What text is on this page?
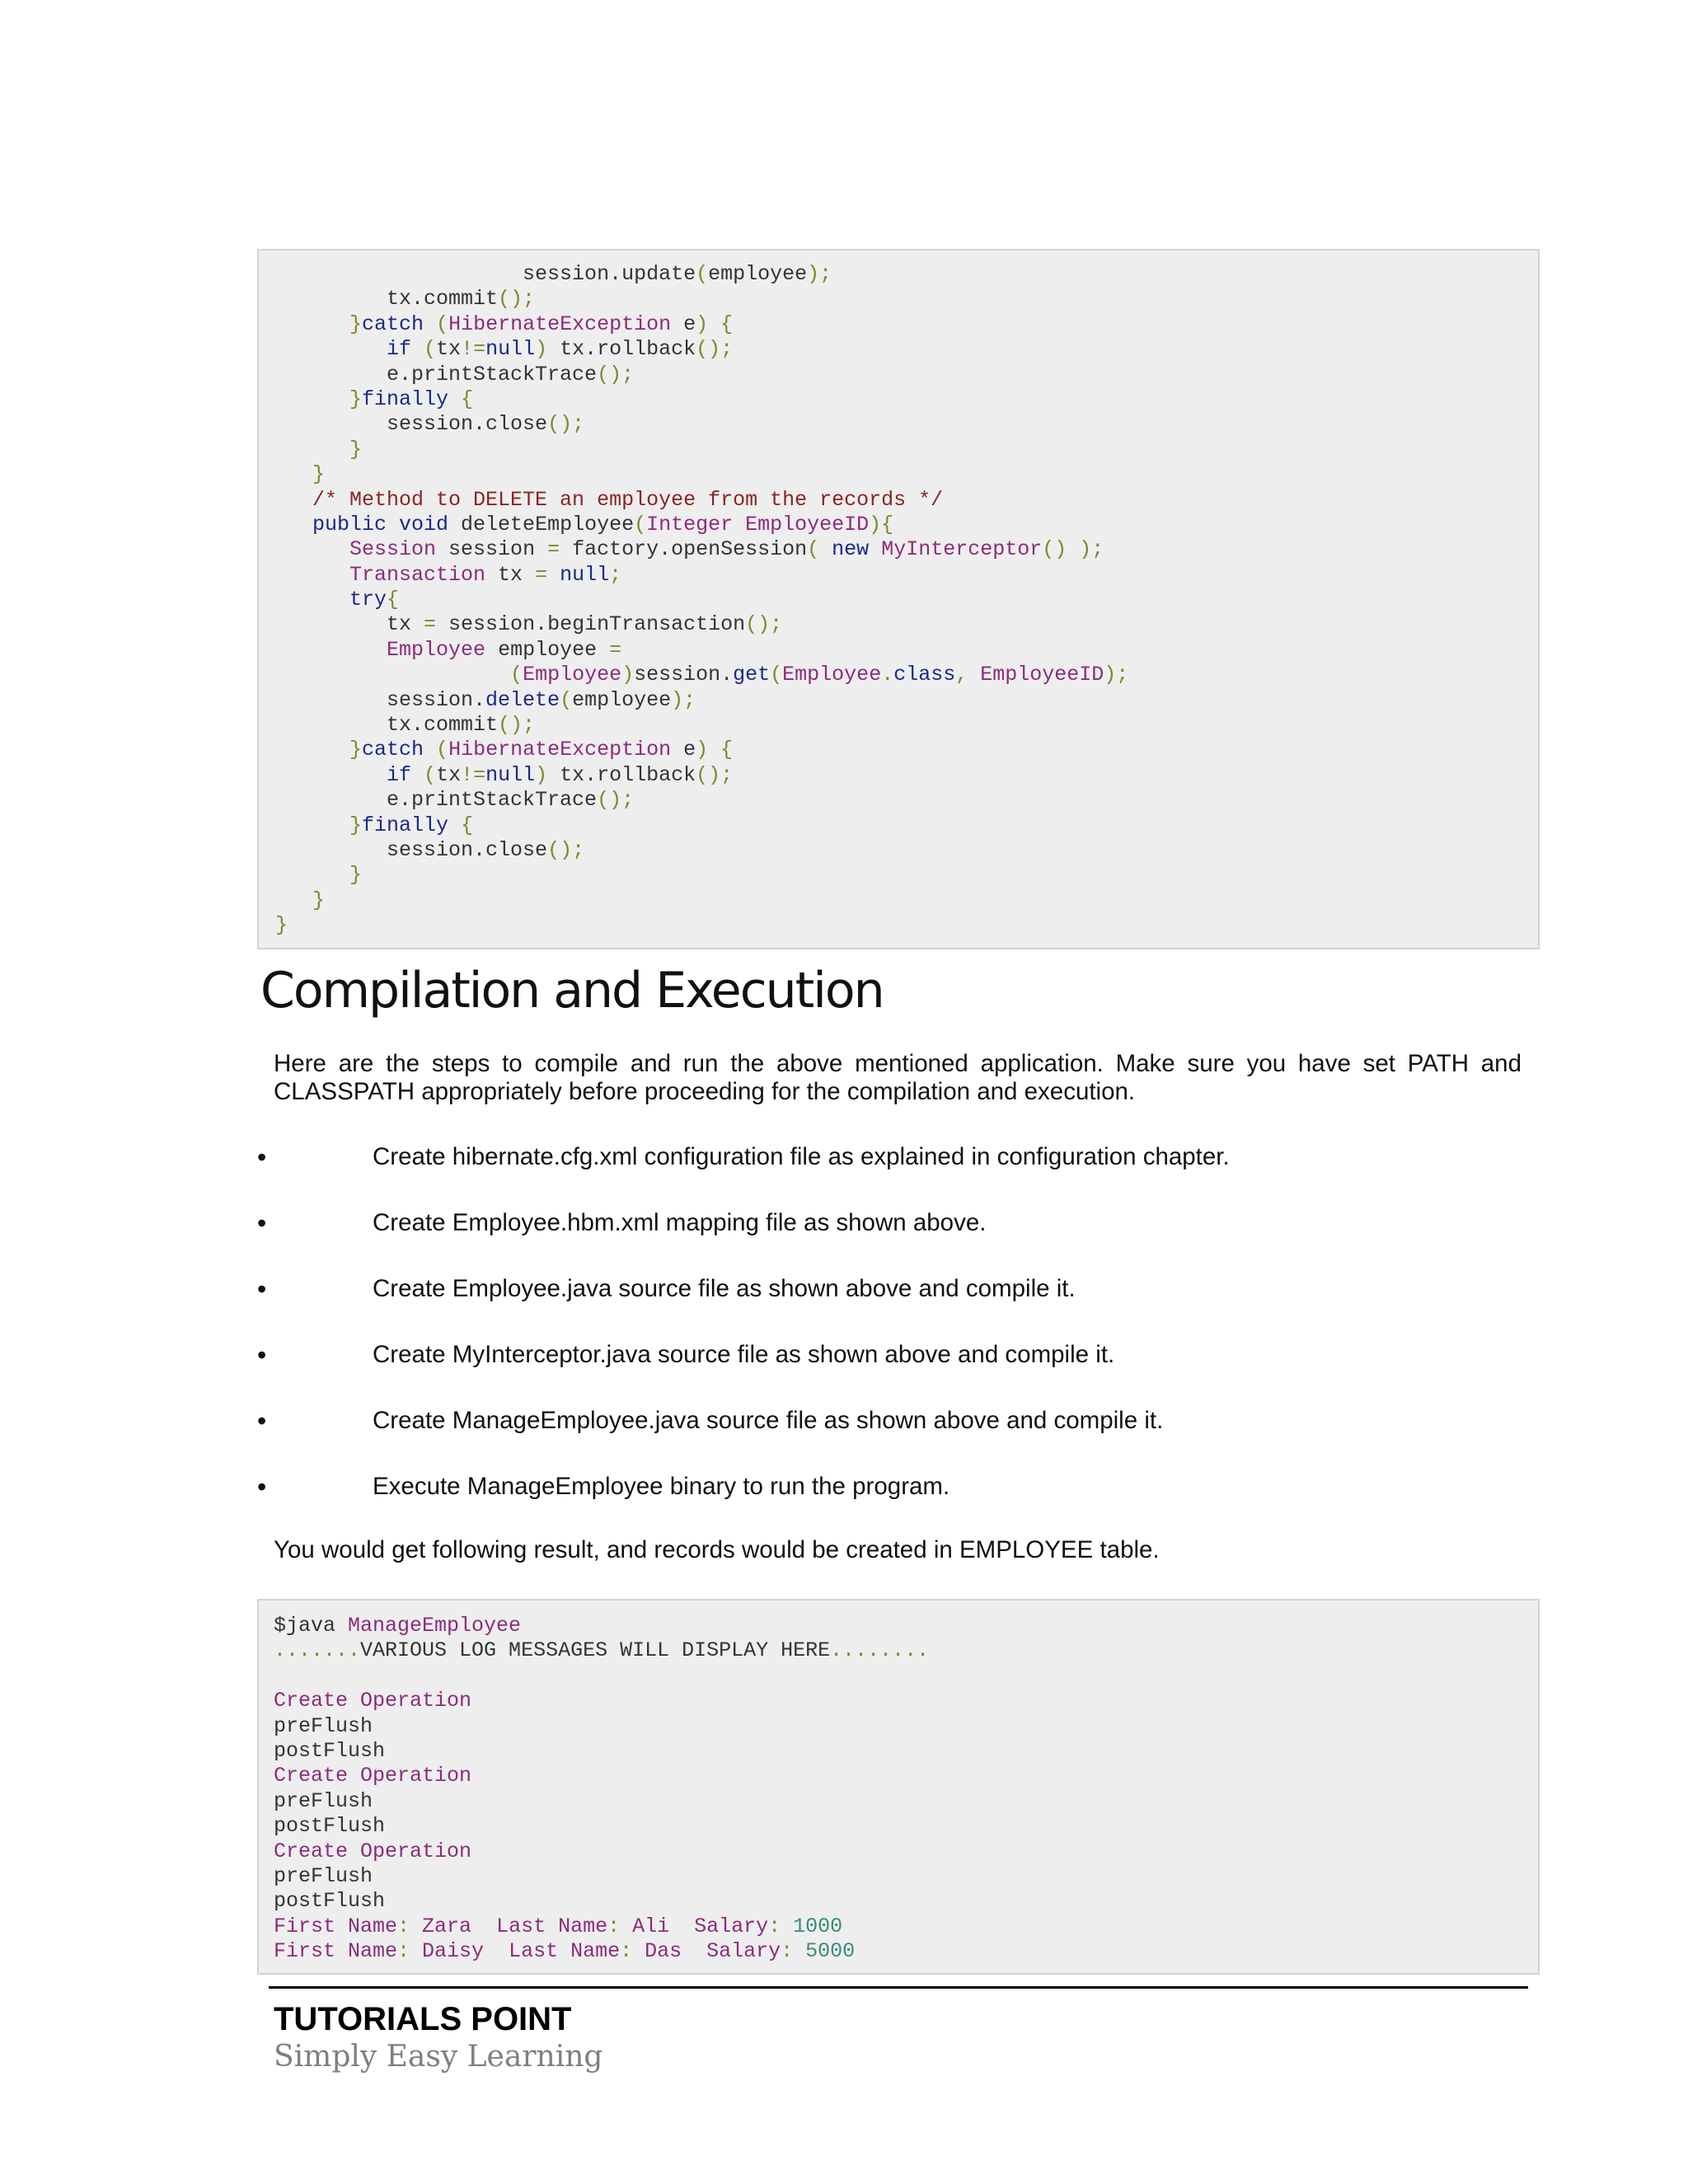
session.update(employee);
tx.commit();
}catch (HibernateException e) {
if (tx!=null) tx.rollback();
e.printStackTrace();
}finally {
session.close();
}
}
/* Method to DELETE an employee from the records */
public void deleteEmployee(Integer EmployeeID){
Session session = factory.openSession( new MyInterceptor() );
Transaction tx = null;
try{
tx = session.beginTransaction();
Employee employee =
(Employee)session.get(Employee.class, EmployeeID);
session.delete(employee);
tx.commit();
}catch (HibernateException e) {
if (tx!=null) tx.rollback();
e.printStackTrace();
}finally {
session.close();
}
}
}
Compilation and Execution

Here are the steps to compile and run the above mentioned application. Make sure you have set PATH and CLASSPATH appropriately before proceeding for the compilation and execution.

•	Create hibernate.cfg.xml configuration file as explained in configuration chapter.
•	Create Employee.hbm.xml mapping file as shown above.
•	Create Employee.java source file as shown above and compile it.
•	Create MyInterceptor.java source file as shown above and compile it.
•	Create ManageEmployee.java source file as shown above and compile it.
•	Execute ManageEmployee binary to run the program.

You would get following result, and records would be created in EMPLOYEE table.

$java ManageEmployee
.......VARIOUS LOG MESSAGES WILL DISPLAY HERE........
Create Operation
preFlush
postFlush
Create Operation
preFlush
postFlush
Create Operation
preFlush
postFlush
First Name: Zara  Last Name: Ali  Salary: 1000
First Name: Daisy  Last Name: Das  Salary: 5000
TUTORIALS POINT
Simply Easy Learning
